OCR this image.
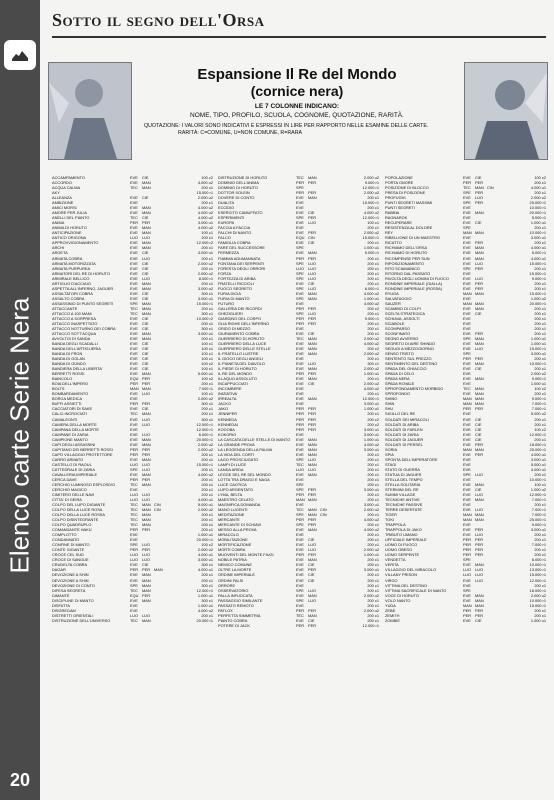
Elenco carte Serie Nera
20
Sotto il segno dell'Orsa
Espansione Il Re del Mondo
(cornice nera)
LE 7 COLONNE INDICANO:
NOME, TIPO, PROFILO, SCUOLA, COGNOME, QUOTAZIONE, RARITÀ.
QUOTAZIONE: I VALORI SONO INDICATIVI E ESPRESSI IN LIRE PER RAPPORTO NELLE ESAMINE DELLE CARTE.
RARITÀ: C=COMUNE, U=NON COMUNE, R=RARA
ACCAMPAMENTO	EVE CIE	100 c2
ACCORDO	EVE MAN	4.000 u2
ACQUA CALMA	TEC MAN	200 c1
AKY	15.000 r1
ALLEANZA	EVE CIE	2.000 u2
AMBIZIONE	EVE	200 c1
AMICI MORSI	EVE MAN	4.000 u2
AMORE PER JULIA	EVE MAN	4.000 u2
ANELLI DEL PIANTO	TEC CIE	4.000 u2
ANIMA	PER PER	3.000 u1
ANIMA DI HORUTO	EVE MAN	4.000 u2
ANTICIPAZIONE	EVE MAN	100 c1
ANTICO ORIGONA	LUO LUO	200 c1
APPROVVIGIONAMENTO	EVE MAN	12.000 r2
ARCHI	EVE MAN	200 c1
ARGETA	EVE CIE	3.000 u1
ARMATA COBRA	EVE LUO	200 c1
ARMATA MOTORIZZATA	EVE CIE	2.000 u2
ARMATA PURPUREA	EVE CIE	200 c1
ARMATORI DEL RE DI HORUTO	EVE CIE	2.000 u2
ARMIRALE BELLICO	EVE LUO	8.000 r1
ARTIGLIO D'ACCIAIO	EVE MAN	200 c1
ASPETTA ALL'INFERNO, JAGUER	EVE MAN	3.000 u2
ASSALTATORI COBRA	EVE CIE	300 c1
ASSALTO COBRA	EVE CIE	3.000 u1
ASSASSINIO DI PUNTO SEGRETI	SPE MAN	15.000 r1
ATTACCANTE	TEC MAN	200 c1
ATTACCO A 100 MANI	TEC MAN	300 c1
ATTACCO A SORPRESA	EVE CIE	10.000 r2
ATTACCO INASPETTATO	EVE CIE	200 c1
ATTACCO NOTTURNO DEI COBRA	EVE CIE	300 c1
ATTACCO SOTT'ACQUA	EVE MAN	3.000 u1
AVVOLTOI DI SANDA	EVE MAN	200 c1
BANDA DEGLI SCADALLI	EVE CIE	100 c1
BANDA DELL'ARTIGLIERIA	EVE CIE	100 c1
BANDA DI FRON	EVE CIE	100 c1
BANDA DI GOLAN	EVE CIE	100 c1
BANDA DI GUNDO	EVE CIE	100 c2
BANDIERA DELLA LIBERTA'	EVE CIE	100 c1
BERRETTI ROSSI	EVE MAN	5.000 u1
BIANCOLO	EQU PER	100 c2
BOIA DELL'IMPERO	PER PER	200 c1
BOLTS	MAN MAN	7.000 r1
BOMBARDAMENTO	EVE LUO	100 c1
BORGA MEDICA	EVE	2.000 u2
BUFFI ASSIETTI	PER PER	300 c1
CACCIATORI DI SAKE	EVE CIE	200 c1
CALCI INCROCIATI	TEC MAN	200 c1
CAMALEONTI	EVE LUO	300 c1
CAMERA DELLA MORTE	EVE LUO	12.000 r1
CAMPANA DELLA MORTE	EVE	12.000 r1
CAMPANE DI ZARIA	EVE LUO	6.000 r1
CAMPIONE MANTO	EVE MAN	20.000 r1
CAPI DEGLI ASSASSINI	EVE MAN	2.000 u2
CAPITANO DEI BERRETTI ROSSI	PER PER	2.000 u2
CAPO VILLAGGIO PROTETTORE	PER PER	200 c1
CARRO ARMATO	EVE MAN	200 c1
CASTELLO DI RAOUL	LUO LUO	15.000 r1
CATTEDRALE DI ZARIA	SPE LUO	200 c1
CAVALLERIA IMPERIALE	EVE MAN	4.000 u2
CERCA DAVE	PER PER	200 c1
CERCHIO LUMINOSO ESPLOSIVO	TEC MAN	200 c1
CERCHIO MAGICO	EVE	200 c1
CIMITERO DELLE NAVI	LUO LUO	200 c1
CITTA' DI GEIRA	LUO LUO	4.000 u1
COLPO DEL LUPO DIGIANTE	TEC MAN CIN	5.000 u1
COLPO DELLA LUCE ROSA	TEC MAN CIN	2.000 u2
COLPO DELLA LUCE ROSSA	TEC MAN	200 c1
COLPO DISINTEGRANTE	TEC MAN	200 c1
COLPO QUADRUPLO	TEC MAN	200 c1
COMANDANTE HAKU	PER PER	200 c1
COMPLOTTO	EVE	1.000 u1
CONDANNATO	EVE	20.000 r1
CONFINE DI MANTO	SPE LUO	100 c2
CONTE GIGANTE	PER PER	2.000 u2
CROCE CEL SUD	LUO LUO	4.000 u1
CROCE DI SANGUE	LUO LUO	3.000 u1
CRUDELTA COBRA	EVE CIE	300 c1
DAGAR	PER PER MAN	4.000 u1
DEVOZIONE A SHIN	EVE MAN	200 c1
DEVOZIONE A SHIN	EVE MAN	200 c1
DEVOZIONE DI CONTO	SPE MAN	300 c1
DIFESA SEGRETA	TEC MAN	12.000 r1
DIMANTE	EQU PER	1.000 u1
DISCIPLINE DI MANTO	EVE MAN	300 c1
DISFATTA	EVE	1.000 u1
DISGREGAM	EVE	4.000 u2
DISTRETTI ORIENTALI	LUO LUO	200 c1
DISTRUZIONE DELL'UNIVERSO	TEC MAN	20.000 r1
DISTRUZIONE DI HORUTO	TEC MAN	2.000 u2
DOMINIO DELL'ANIMA	PER PER	9.000 r1
DOMINIO DI HORUTO	SPE	12.000 r1
DOTTOR SOLEIN	PER PER	2.000 u2
DOVERE DI CONTO	EVE MAN	200 c1
DUALITA	EVE	15.000 r1
ECCIDIO	EVE	200 c1
ESERCITO CAMUFFATO	EVE CIE	4.000 u2
ESPERIMENTI	SPE PER	12.000 r1
EUROPA	EVE LUO	100 c1
FACCIA A FACCIA	EVE	200 c1
FALCHI DI NANTO	EVE PER	2.000 u2
FALCO	EQU CIN	15.000 r1
FAMIGLIA COBRA	EVE CIE	200 c1
FARE DEL SUCCESSORE	SPE	1.000 u1
FERMEZZA	EVE MAN	5.000 r1
FIAMMA ADUMANNATA	PER PER	200 c1
FONTANA DEI SERPENTI	SPE LUO	200 c1
FORESTA DEGLI ORRORI	LUO LUO	200 c1
FORZA	SPE LUO	200 c1
FORTEZZA DI ARIBA	SPE LUO	200 c1
FRATELLI RICCIOLI	EVE CIE	200 c1
FUOCO SEGRETO	SPE LUO	6.000 r1
FURIA DICIA	EVE MAN	4.000 u2
FURIA DI MANTO	SPE MAN	1.000 u1
FUTURO	EVE	4.000 u2
GALLERIA DEI RICORDI	PER PER	200 c2
GHEZIGLIERI	SPE LUO	200 c1
GIARDINO DEL CORPO	PER PER	9.000 r1
GLIA RIGHE DELL'INFERNO	PER PER	200 c1
GRIDO DI MEZZO	EVE	200 c1
GIURAMENTO COBRA	EVE CIE	200 c1
GUERRIERO DI HORUTO	TEC MAN	2.000 u2
GUERRIERO DELLA LUCE	EVE MAN	4.000 u2
GUERRIERO DELLE STELLE	EVE MAN	200 c2
IL FRATELLO LUSTRE	EVE MAN	2.000 u2
IL GIOCO DEGLI ANGELI	EVE	200 c1
IL PIANETA DEL DIAVOLO	EVE LUO	300 c1
IL PIEDE DI HORUTO	EVE MAN	2.000 u2
IL RE DEL MONDO	PER PER	1.000 u1
ILLAQUO ASSOLUTO	EVE MAN	200 c1
INCAPPUCCIATI	EVE CIE	2.000 u2
INCOMBERE	EVE	4.000 u2
INIZIATIVA	EVE	200 c1
IRREALTA	EVE MAN	12.000 r1
JACKO	EVE	3.000 u1
JAKO	PER PER	1.000 u1
JENNIFER	PER PER	200 c1
KENNEDA	PER PER	200 c2
KENNEDAI	PER PER	200 c2
KOGOBA	PER PER	3.000 u1
KOKORIO	EVE	3.000 u1
LA CASCATA DELLE STELLE DI MANTO	EVE MAN	1.000 u1
LA GRANDE PROVA	EVE MAN	4.000 u2
LA LEGGENDA DELLA PALMA	EVE MAN	3.000 u1
LA VIDA DEL CORTI	EVE MAN	200 c1
LAGO PROSCIUGATO	SPE LUO	200 c1
LAMPI DI LUCE	TEC MAN	200 c1
LANDA ARIDA	LUO LUO	200 c1
LEGGE DEL RE DEL MONDO	EVE MAN	200 c1
LOTTA TRA DRAGO E NAGA	EVE	200 c1
LUCE CAOTICA	SPE	200 c1
LUPO ARGENTATO	SPE PER	3.000 u1
LYMA, BELTA	PER PER	200 c1
MAESTRO CELATO	MAN MAN	200 c1
MAGNIFICA DOMANDA	EVE	3.000 u1
MANO LUCENTI	TEC MAN CIN	2.000 u2
MEDITAZIONE	SPE MAN CIN	200 c1
MERCANTE	PER PER	4.000 u2
MERCANTE DI SCHIAVI	SPE PER	200 c1
MESSO ALLA PROVA	EVE MAN	4.000 u2
MIRACOLO	EVE	200 c1
MOBILITAZIONE	EVE CIE	200 c1
MORTIFICAZIONE	EVE LUO	200 c1
MORTI COBRA	EVE LUO	2.000 u2
MUOVENTI DEL MONTE FIUGI	PER PER	1.000 u1
NOBILE PATRIA	EVE MAN	200 c1
NEMICO COMUNE	EVE CIE	200 c1
OLTRE LA MORTE	EVE PER	3.000 u1
ORDINE IMPERIALE	EVE CIE	200 c1
ORDINI FALSI	EVE CIE	200 c1
ORRORE	EVE	200 c1
OSSERVATORIO	SPE LUO	200 c1
PALLA INFUOCATA	EVE MAN	2.000 u2
PASSAGGIO SIMILANTE	SPE LUO	200 c1
PASSATO REMOTO	EVE	200 c1
PATLOX	PER PER	2.000 u2
PERFETTA SIMMETRIA	TEC MAN	200 c1
PIANTO COBRA	EVE CIE	200 c1
POTERE DI JACK	PER PER	12.000 r1
POPOLAZIONE	EVE CIE	100 c2
PORTA ONORE	PER PER	200 c1
POSIZIONE DI BLOCCO	TEC MAN CIN	4.000 u1
PRESA DI POSIZIONE	SPE PER	200 c1
PROFUGHI	EVE LUO	2.000 u2
PUNTI SEGRETI MASSIMI	SPE PER	25.000 r1
PUNTI SEGRETI	EVE	10.000 r1
RABBIA	EVE MAN	20.000 r1
RAGNAROK	EVE	5.000 r1
RECUPERARE	EVE CIE	1.000 u1
RESISTENZA AL DOLORE	SPE	200 c1
REY	MAN MAN	10.000 r1
RIBELLIONE DI UN MAESTRO	EVE	3.000 u1
RICATTO	EVE PER	200 c1
RICHIAMO DELL'ORSA	EVE MAN	4.000 u1
RICHIAMO DI HORUTO	EVE MAN	5.000 r1
RICOMPENSE PER SUN	EVE MAN	4.000 u1
RIPOSIZIONAMENTO	EVE LUO	15.000 r1
RITO SCIAMANICO	SPE PER	200 c1
RITORNO DAL PASSATO	EVE	15.000 r1
RIVOLTA DEGLI UOMINI DI FUOCO	EVE LUO	9.000 r1
RONDINE IMPERIALE (GIALLA)	EVE PER	200 c1
RONDINE IMPERIALE (ROSSA)	EVE PER	200 c1
RYUGA	MAN MAN	15.000 r1
SALVATAGGIO	EVE	1.000 u2
SAUZER	MAN MAN	20.000 r1
SCAMBIO DI COLPI	EVE MAN	200 c1
SCELTA STRATEGICA	EVE CIE	200 c1
SCHIAVA, ASSOLTI	EVE	200 c1
SCIABOLE	EVE	200 c1
SCOMPARSO	EVE	200 c1
SCONFINATO	EVE PER	200 c1
SEGNO AVVERSO	SPE MAN	1.000 u1
SEGRETO DI AIRE SHINDO	EVE MAN	1.000 u1
SEGUGI A MEZZOGIORNO	EVE LUO	15.000 r1
SENSO TRISTO	SPE	3.000 u1
SENTENTO SUL PREZZO	PER PER	200 c1
SENTIMENTO DEL DESTINO	EVE MAN	10.000 r1
SPADA DEL GHIACCIO	EVE CIE	200 c1
SPADA DI CELO	EVE	2.000 u2
SPADA NERA	EVE MAN	9.000 r1
SPADA ROVALE	EVE	1.000 u1
SPROFONDAMENTO MORBIDO	TEC MAN	100 c2
SPROFONDO	EVE MAN	200 c1
SHINO	MAN MAN	9.000 r1
SHIN	MAN MAN	7.000 r1
SHU	PER PER	7.000 r1
SIGILLO DEL RE	EVE	5.000 u2
SOLDATI DEI MIRACOLI	EVE CIE	200 c1
SOLDATI DI ARIBA	EVE CIE	200 c1
SOLDATI DI FARLEN	EVE CIE	100 c2
SOLDATI DI ZARIA	EVE CIE	12.000 r1
SOLDATI DI JAGUER	EVE CIE	200 c1
SOLDATI DI PERSEL	EVE PER	18.000 r1
SORIA	MAN MAN	25.000 r1
SPIA	EVE PER	4.000 u1
SPONTA DELL'IMPERATORE	EVE	3.000 u1
STAGI	EVE	5.000 u1
STATO DI GUERRA	EVE	4.000 u1
STATUA DI JAGUER	SPE LUO	200 c1
STELLA DEL TEMPO	EVE	10.000 r1
STELLA SOLITARIA	EVE MAN	100 c1
STERMINI DEL RE	EVE CIE	1.000 u2
SUMMI VILLAGE	EVE LUO	12.000 r1
TECNICHE ANTIVE	EVE MAN	7.000 r1
TECNICHE PASSIVE	EVE	200 c1
TERRE DESERTATE	EVE LUO	7.000 r1
TIGER	MAN MAN	7.000 r1
TOKI	MAN MAN	25.000 r1
TRAPPOLA	EVE	9.000 r1
TRAPPOLA DI JAKO	EVE PER	3.000 u1
TRIBUTO UMANO	EVE LUO	200 c1
UFFICIALE IMPERIALE	PER PER	200 c1
UOMO DI FUOCO	PER PER	7.000 r1
UOMO OBESO	PER PER	200 c1
UOMO SERPENTE	PER PER	200 c1
VENDETTA	SPE	6.000 r1
VERITA	EVE MAN	10.000 r1
VILLAGGIO DEL MIRACOLO	LUO LUO	13.000 r1
VILLANY PRISON	LUO LUO	15.000 r1
VIRGO	EVE LUO	12.000 r1
VITTIMA DEL DESTINO	EVE	200 c1
VITTIMA SACRIFICALE DI NANTO	SPE	18.000 r1
VOCE DI HORUTO	EVE MAN	2.000 u2
VOLO NANTO	EVE MAN	10.000 r1
YUDA	MAN MAN	15.000 r1
ZEBE	PER PER	200 c1
ZEMITH	PER PER	200 c1
ZOMBIE	EVE CIE	1.000 u1
